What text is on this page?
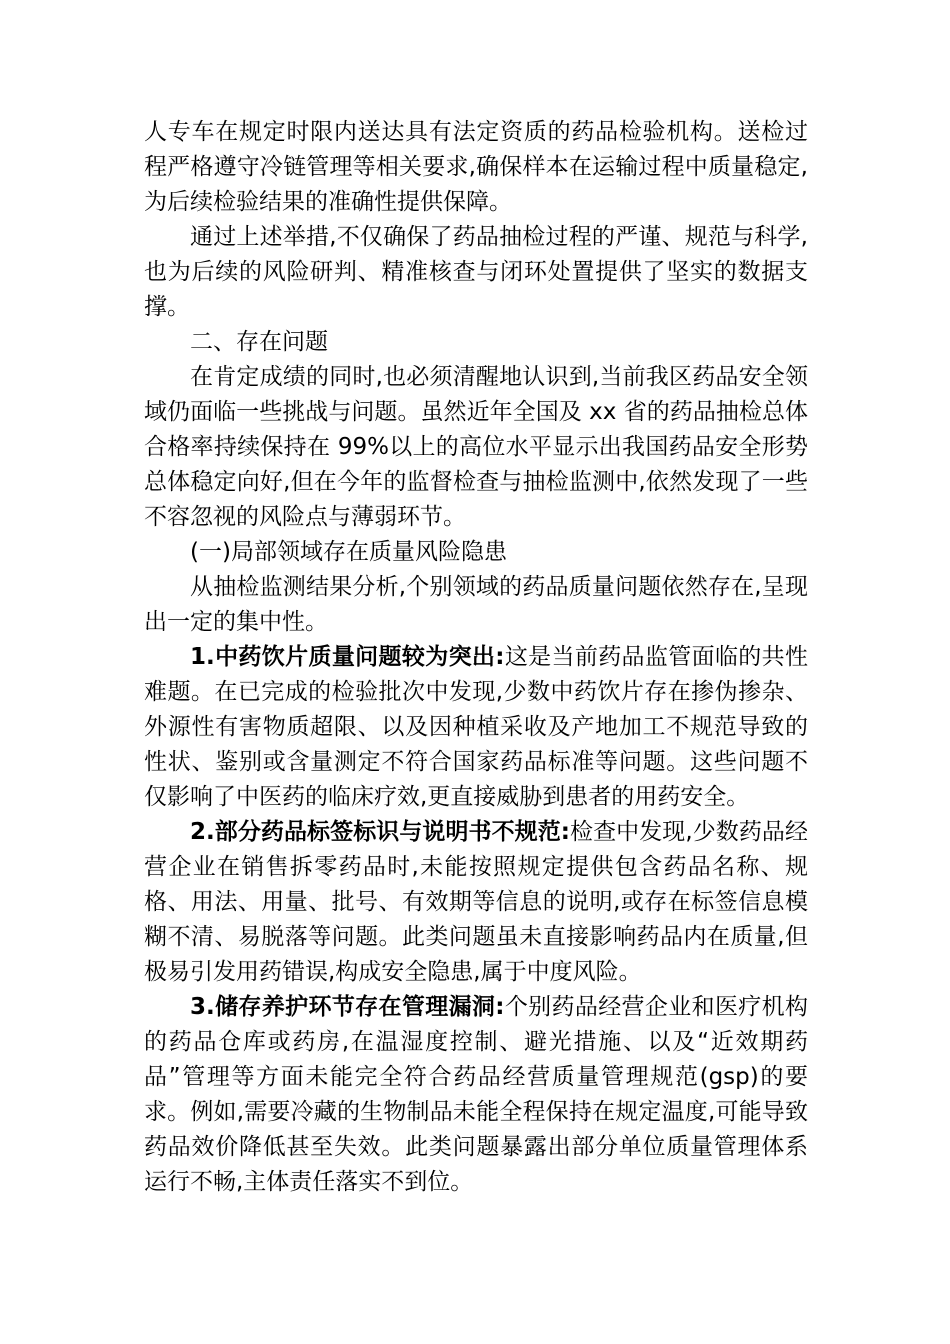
人专车在规定时限内送达具有法定资质的药品检验机构。送检过程严格遵守冷链管理等相关要求,确保样本在运输过程中质量稳定,为后续检验结果的准确性提供保障。

通过上述举措,不仅确保了药品抽检过程的严谨、规范与科学,也为后续的风险研判、精准核查与闭环处置提供了坚实的数据支撑。

二、存在问题

在肯定成绩的同时,也必须清醒地认识到,当前我区药品安全领域仍面临一些挑战与问题。虽然近年全国及 xx 省的药品抽检总体合格率持续保持在 99%以上的高位水平显示出我国药品安全形势总体稳定向好,但在今年的监督检查与抽检监测中,依然发现了一些不容忽视的风险点与薄弱环节。

(一)局部领域存在质量风险隐患

从抽检监测结果分析,个别领域的药品质量问题依然存在,呈现出一定的集中性。

1.中药饮片质量问题较为突出:这是当前药品监管面临的共性难题。在已完成的检验批次中发现,少数中药饮片存在掺伪掺杂、外源性有害物质超限、以及因种植采收及产地加工不规范导致的性状、鉴别或含量测定不符合国家药品标准等问题。这些问题不仅影响了中医药的临床疗效,更直接威胁到患者的用药安全。

2.部分药品标签标识与说明书不规范:检查中发现,少数药品经营企业在销售拆零药品时,未能按照规定提供包含药品名称、规格、用法、用量、批号、有效期等信息的说明,或存在标签信息模糊不清、易脱落等问题。此类问题虽未直接影响药品内在质量,但极易引发用药错误,构成安全隐患,属于中度风险。

3.储存养护环节存在管理漏洞:个别药品经营企业和医疗机构的药品仓库或药房,在温湿度控制、避光措施、以及“近效期药品”管理等方面未能完全符合药品经营质量管理规范(gsp)的要求。例如,需要冷藏的生物制品未能全程保持在规定温度,可能导致药品效价降低甚至失效。此类问题暴露出部分单位质量管理体系运行不畅,主体责任落实不到位。
